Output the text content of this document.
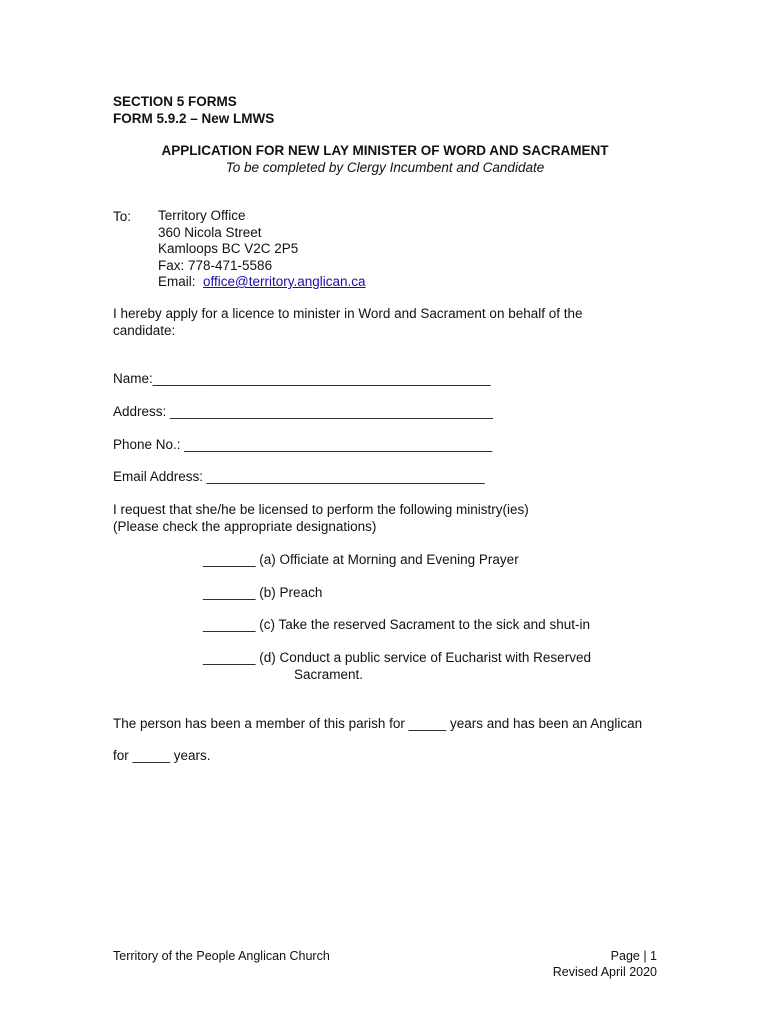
SECTION 5 FORMS
FORM 5.9.2 – New LMWS
APPLICATION FOR NEW LAY MINISTER OF WORD AND SACRAMENT
To be completed by Clergy Incumbent and Candidate
To: Territory Office
360 Nicola Street
Kamloops BC V2C 2P5
Fax: 778-471-5586
Email: office@territory.anglican.ca
I hereby apply for a licence to minister in Word and Sacrament on behalf of the
candidate:
Name:_____________________________________________
Address: ___________________________________________
Phone No.: _________________________________________
Email Address: _____________________________________
I request that she/he be licensed to perform the following ministry(ies)
(Please check the appropriate designations)
_______ (a) Officiate at Morning and Evening Prayer
_______ (b) Preach
_______ (c) Take the reserved Sacrament to the sick and shut-in
_______ (d) Conduct a public service of Eucharist with Reserved
Sacrament.
The person has been a member of this parish for _____ years and has been an Anglican
for _____ years.
Territory of the People Anglican Church	Page | 1
Revised April 2020
